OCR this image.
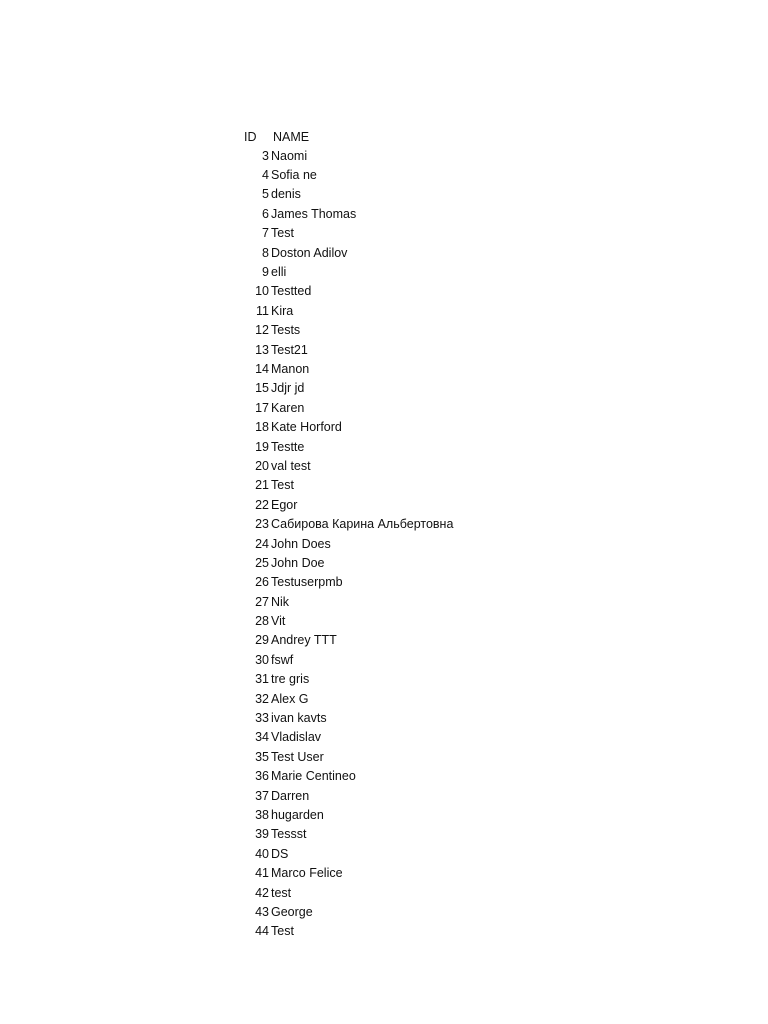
ID	NAME
3 Naomi
4 Sofia ne
5 denis
6 James Thomas
7 Test
8 Doston Adilov
9 elli
10 Testted
11 Kira
12 Tests
13 Test21
14 Manon
15 Jdjr jd
17 Karen
18 Kate Horford
19 Testte
20 val test
21 Test
22 Egor
23 Сабирова Карина Альбертовна
24 John Does
25 John Doe
26 Testuserpmb
27 Nik
28 Vit
29 Andrey TTT
30 fswf
31 tre gris
32 Alex G
33 ivan kavts
34 Vladislav
35 Test User
36 Marie Centineo
37 Darren
38 hugarden
39 Tessst
40 DS
41 Marco Felice
42 test
43 George
44 Test
